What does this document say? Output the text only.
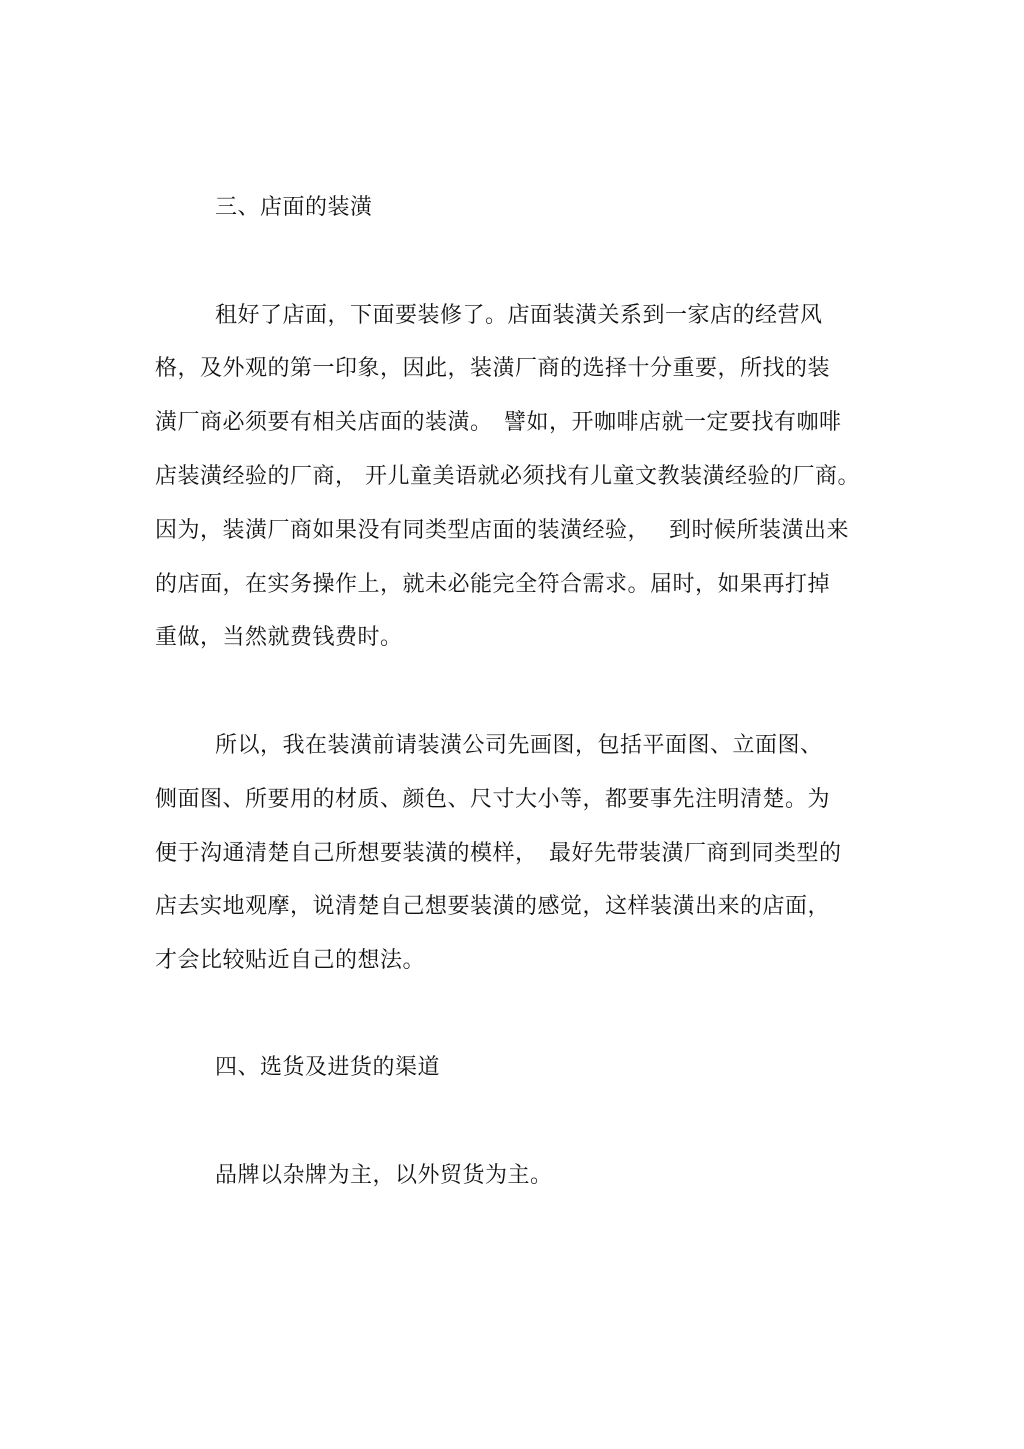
三、店面的装潢
租好了店面，下面要装修了。店面装潢关系到一家店的经营风
格，及外观的第一印象，因此，装潢厂商的选择十分重要，所找的装
潢厂商必须要有相关店面的装潢。　譬如，开咖啡店就一定要找有咖啡
店装潢经验的厂商， 开儿童美语就必须找有儿童文教装潢经验的厂商。
因为，装潢厂商如果没有同类型店面的装潢经验，　 到时候所装潢出来
的店面，在实务操作上，就未必能完全符合需求。届时，如果再打掉
重做，当然就费钱费时。
所以，我在装潢前请装潢公司先画图，包括平面图、立面图、
侧面图、所要用的材质、颜色、尺寸大小等，都要事先注明清楚。为
便于沟通清楚自己所想要装潢的模样，　最好先带装潢厂商到同类型的
店去实地观摩，说清楚自己想要装潢的感觉，这样装潢出来的店面，
才会比较贴近自己的想法。
四、选货及进货的渠道
品牌以杂牌为主，以外贸货为主。
